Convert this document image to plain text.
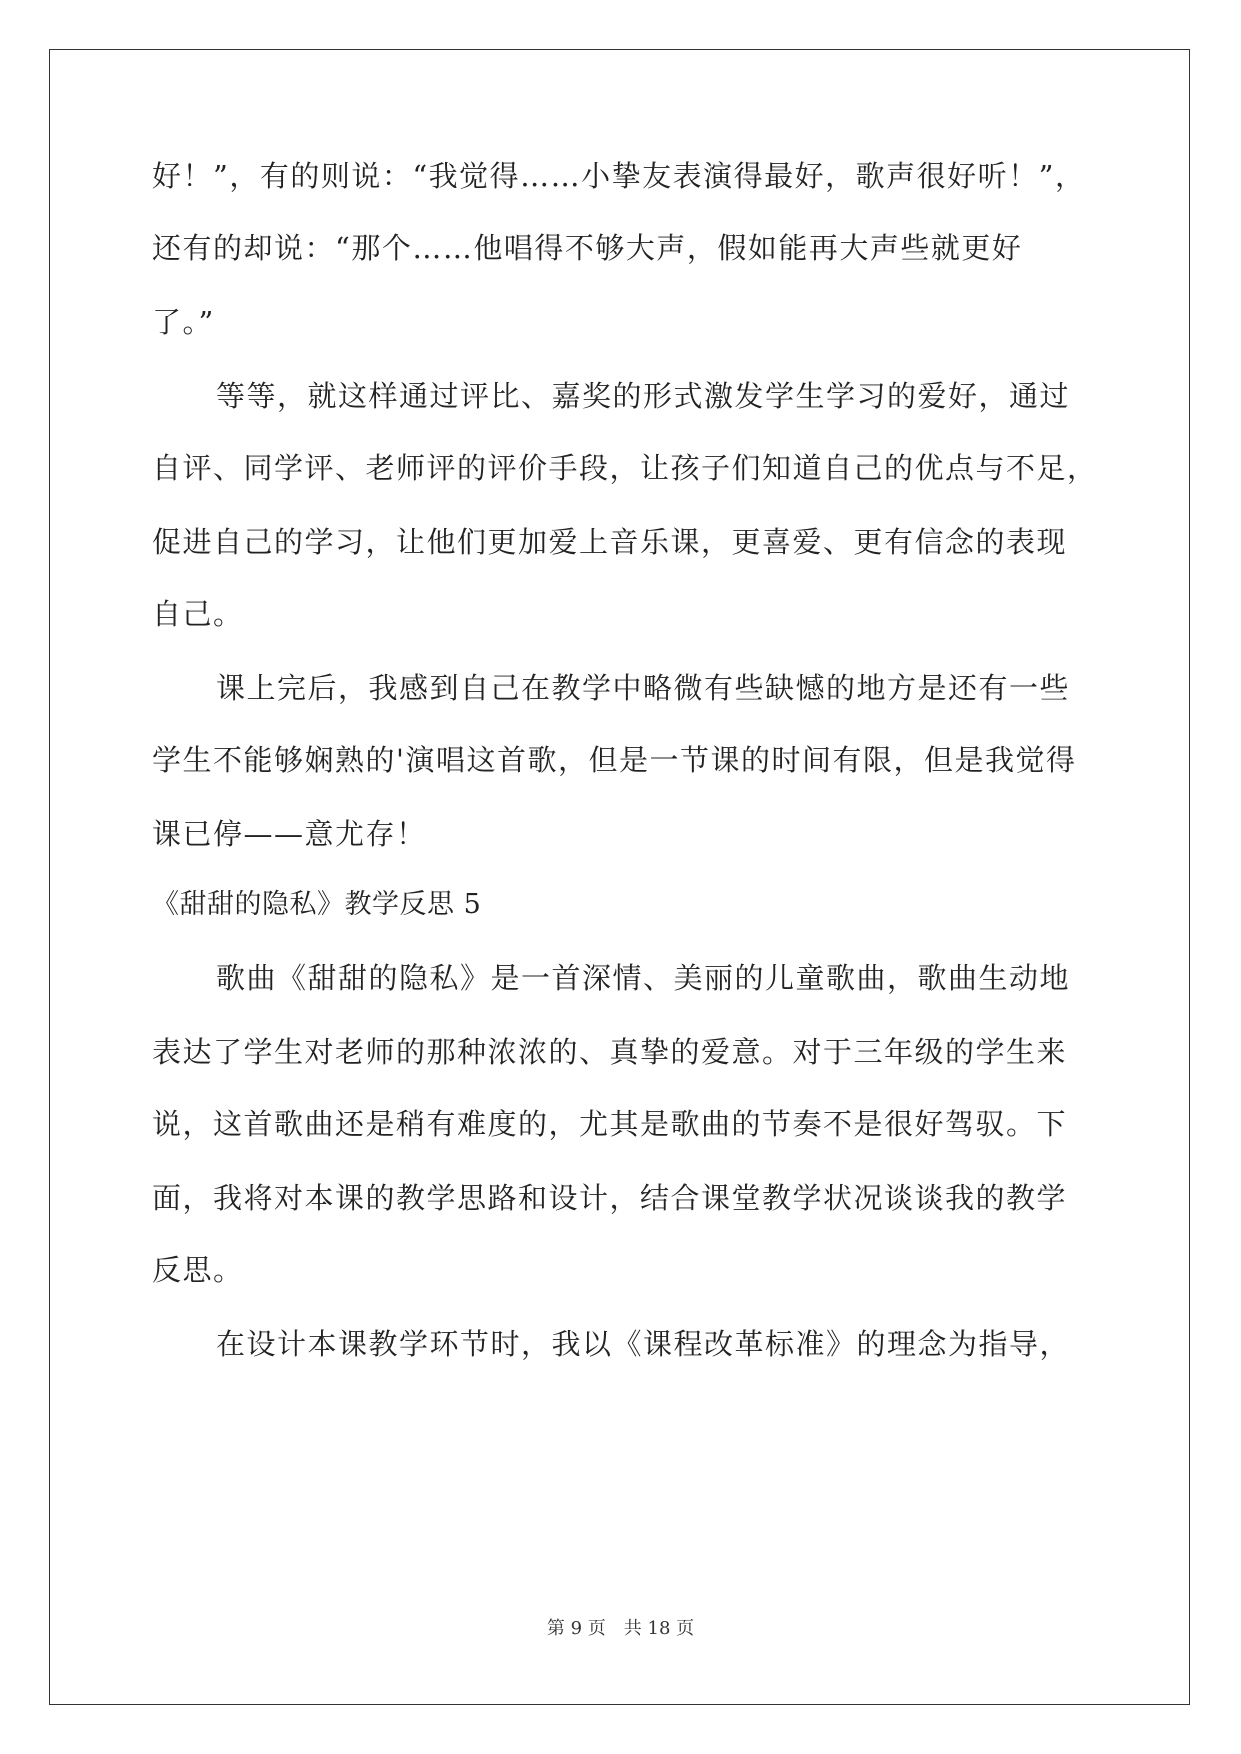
好！”，有的则说：“我觉得……小挚友表演得最好，歌声很好听！”，
还有的却说：“那个……他唱得不够大声，假如能再大声些就更好
了。”
等等，就这样通过评比、嘉奖的形式激发学生学习的爱好，通过
自评、同学评、老师评的评价手段，让孩子们知道自己的优点与不足，
促进自己的学习，让他们更加爱上音乐课，更喜爱、更有信念的表现
自己。
课上完后，我感到自己在教学中略微有些缺憾的地方是还有一些
学生不能够娴熟的'演唱这首歌，但是一节课的时间有限，但是我觉得
课已停——意尤存！
《甜甜的隐私》教学反思 5
歌曲《甜甜的隐私》是一首深情、美丽的儿童歌曲，歌曲生动地
表达了学生对老师的那种浓浓的、真挚的爱意。对于三年级的学生来
说，这首歌曲还是稍有难度的，尤其是歌曲的节奏不是很好驾驭。下
面，我将对本课的教学思路和设计，结合课堂教学状况谈谈我的教学
反思。
在设计本课教学环节时，我以《课程改革标准》的理念为指导，
第 9 页　共 18 页
